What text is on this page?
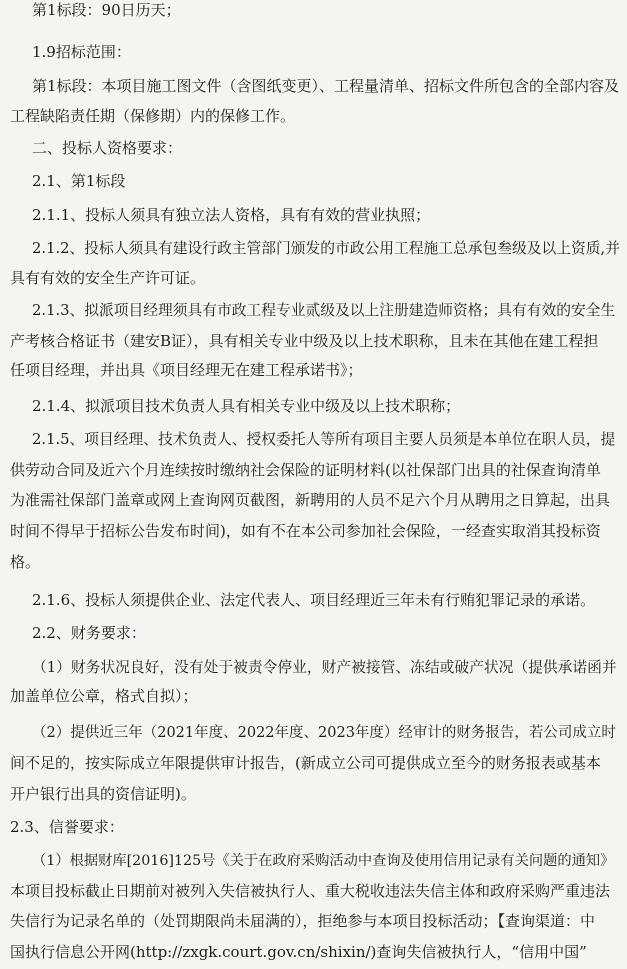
第1标段：90日历天；
1.9招标范围：
第1标段：本项目施工图文件（含图纸变更）、工程量清单、招标文件所包含的全部内容及
工程缺陷责任期（保修期）内的保修工作。
二、投标人资格要求：
2.1、第1标段
2.1.1、投标人须具有独立法人资格，具有有效的营业执照；
2.1.2、投标人须具有建设行政主管部门颁发的市政公用工程施工总承包叁级及以上资质,并
具有有效的安全生产许可证。
2.1.3、拟派项目经理须具有市政工程专业贰级及以上注册建造师资格；具有有效的安全生
产考核合格证书（建安B证），具有相关专业中级及以上技术职称，且未在其他在建工程担
任项目经理，并出具《项目经理无在建工程承诺书》；
2.1.4、拟派项目技术负责人具有相关专业中级及以上技术职称；
2.1.5、项目经理、技术负责人、授权委托人等所有项目主要人员须是本单位在职人员，提
供劳动合同及近六个月连续按时缴纳社会保险的证明材料(以社保部门出具的社保查询清单
为准需社保部门盖章或网上查询网页截图，新聘用的人员不足六个月从聘用之日算起，出具
时间不得早于招标公告发布时间)，如有不在本公司参加社会保险，一经查实取消其投标资
格。
2.1.6、投标人须提供企业、法定代表人、项目经理近三年未有行贿犯罪记录的承诺。
2.2、财务要求：
（1）财务状况良好，没有处于被责令停业，财产被接管、冻结或破产状况（提供承诺函并
加盖单位公章，格式自拟）；
（2）提供近三年（2021年度、2022年度、2023年度）经审计的财务报告，若公司成立时
间不足的，按实际成立年限提供审计报告，(新成立公司可提供成立至今的财务报表或基本
开户银行出具的资信证明)。
2.3、信誉要求：
（1）根据财库[2016]125号《关于在政府采购活动中查询及使用信用记录有关问题的通知》
本项目投标截止日期前对被列入失信被执行人、重大税收违法失信主体和政府采购严重违法
失信行为记录名单的（处罚期限尚未届满的），拒绝参与本项目投标活动；【查询渠道：中
国执行信息公开网(http://zxgk.court.gov.cn/shixin/)查询失信被执行人，“信用中国”
